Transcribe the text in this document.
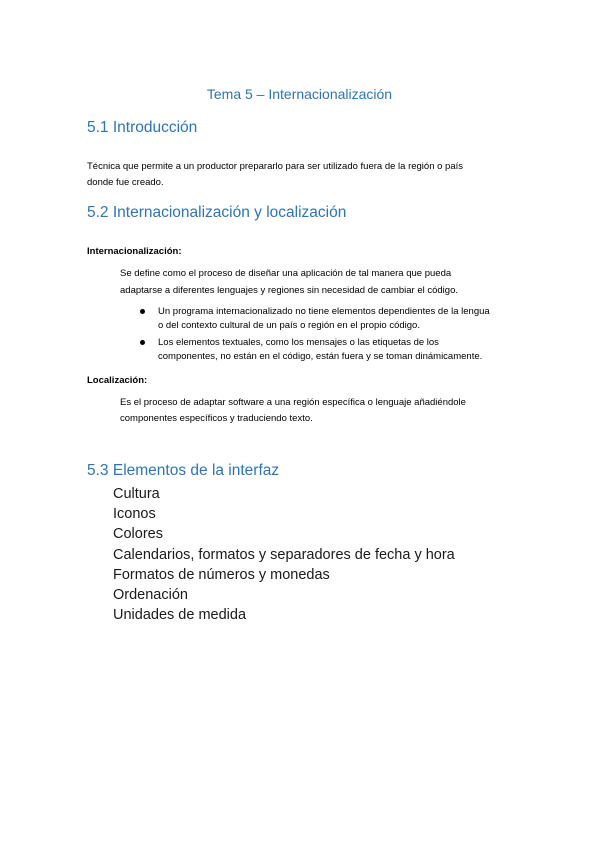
Tema 5 – Internacionalización
5.1 Introducción
Técnica que permite a un productor prepararlo para ser utilizado fuera de la región o país
donde fue creado.
5.2 Internacionalización y localización
Internacionalización:
Se define como el proceso de diseñar una aplicación de tal manera que pueda
adaptarse a diferentes lenguajes y regiones sin necesidad de cambiar el código.
Un programa internacionalizado no tiene elementos dependientes de la lengua
o del contexto cultural de un país o región en el propio código.
Los elementos textuales, como los mensajes o las etiquetas de los
componentes, no están en el código, están fuera y se toman dinámicamente.
Localización:
Es el proceso de adaptar software a una región específica o lenguaje añadiéndole
componentes específicos y traduciendo texto.
5.3 Elementos de la interfaz
Cultura
Iconos
Colores
Calendarios, formatos y separadores de fecha y hora
Formatos de números y monedas
Ordenación
Unidades de medida
